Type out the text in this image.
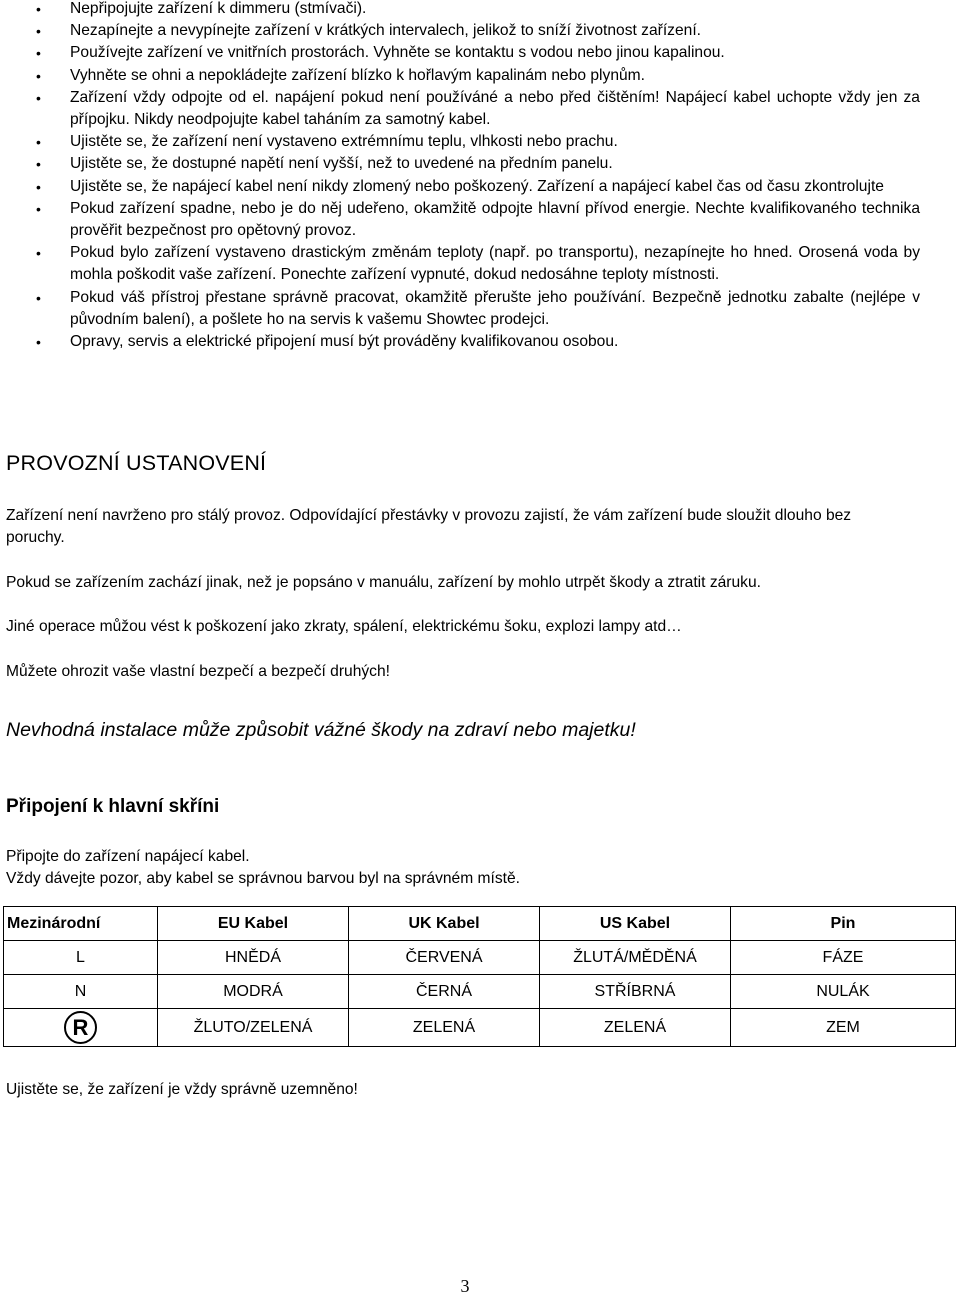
• Nepřipojujte zařízení k dimmeru (stmívači).
• Nezapínejte a nevypínejte zařízení v krátkých intervalech, jelikož to sníží životnost zařízení.
• Používejte zařízení ve vnitřních prostorách. Vyhněte se kontaktu s vodou nebo jinou kapalinou.
• Vyhněte se ohni a nepokládejte zařízení blízko k hořlavým kapalinám nebo plynům.
• Zařízení vždy odpojte od el. napájení pokud není používáné a nebo před čištěním! Napájecí kabel uchopte vždy jen za přípojku. Nikdy neodpojujte kabel taháním za samotný kabel.
• Ujistěte se, že zařízení není vystaveno extrémnímu teplu, vlhkosti nebo prachu.
• Ujistěte se, že dostupné napětí není vyšší, než to uvedené na předním panelu.
• Ujistěte se, že napájecí kabel není nikdy zlomený nebo poškozený. Zařízení a napájecí kabel čas od času zkontrolujte
• Pokud zařízení spadne, nebo je do něj udeřeno, okamžitě odpojte hlavní přívod energie. Nechte kvalifikovaného technika prověřit bezpečnost pro opětovný provoz.
• Pokud bylo zařízení vystaveno drastickým změnám teploty (např. po transportu), nezapínejte ho hned. Orosená voda by mohla poškodit vaše zařízení. Ponechte zařízení vypnuté, dokud nedosáhne teploty místnosti.
• Pokud váš přístroj přestane správně pracovat, okamžitě přerušte jeho používání. Bezpečně jednotku zabalte (nejlépe v původním balení), a pošlete ho na servis k vašemu Showtec prodejci.
• Opravy, servis a elektrické připojení musí být prováděny kvalifikovanou osobou.
PROVOZNÍ USTANOVENÍ

Zařízení není navrženo pro stálý provoz. Odpovídající přestávky v provozu zajistí, že vám zařízení bude sloužit dlouho bez poruchy.

Pokud se zařízením zachází jinak, než je popsáno v manuálu, zařízení by mohlo utrpět škody a ztratit záruku.

Jiné operace můžou vést k poškození jako zkraty, spálení, elektrickému šoku, explozi lampy atd…

Můžete ohrozit vaše vlastní bezpečí a bezpečí druhých!

Nevhodná instalace může způsobit vážné škody na zdraví nebo majetku!

Připojení k hlavní skříni

Připojte do zařízení napájecí kabel.

Vždy dávejte pozor, aby kabel se správnou barvou byl na správném místě.

Mezinárodní	EU Kabel	UK Kabel	US Kabel	Pin
L	HNĚDÁ	ČERVENÁ	ŽLUTÁ/MĚDĚNÁ	FÁZE
N	MODRÁ	ČERNÁ	STŘÍBRNÁ	NULÁK
R	ŽLUTO/ZELENÁ	ZELENÁ	ZELENÁ	ZEM

Ujistěte se, že zařízení je vždy správně uzemněno!

3
